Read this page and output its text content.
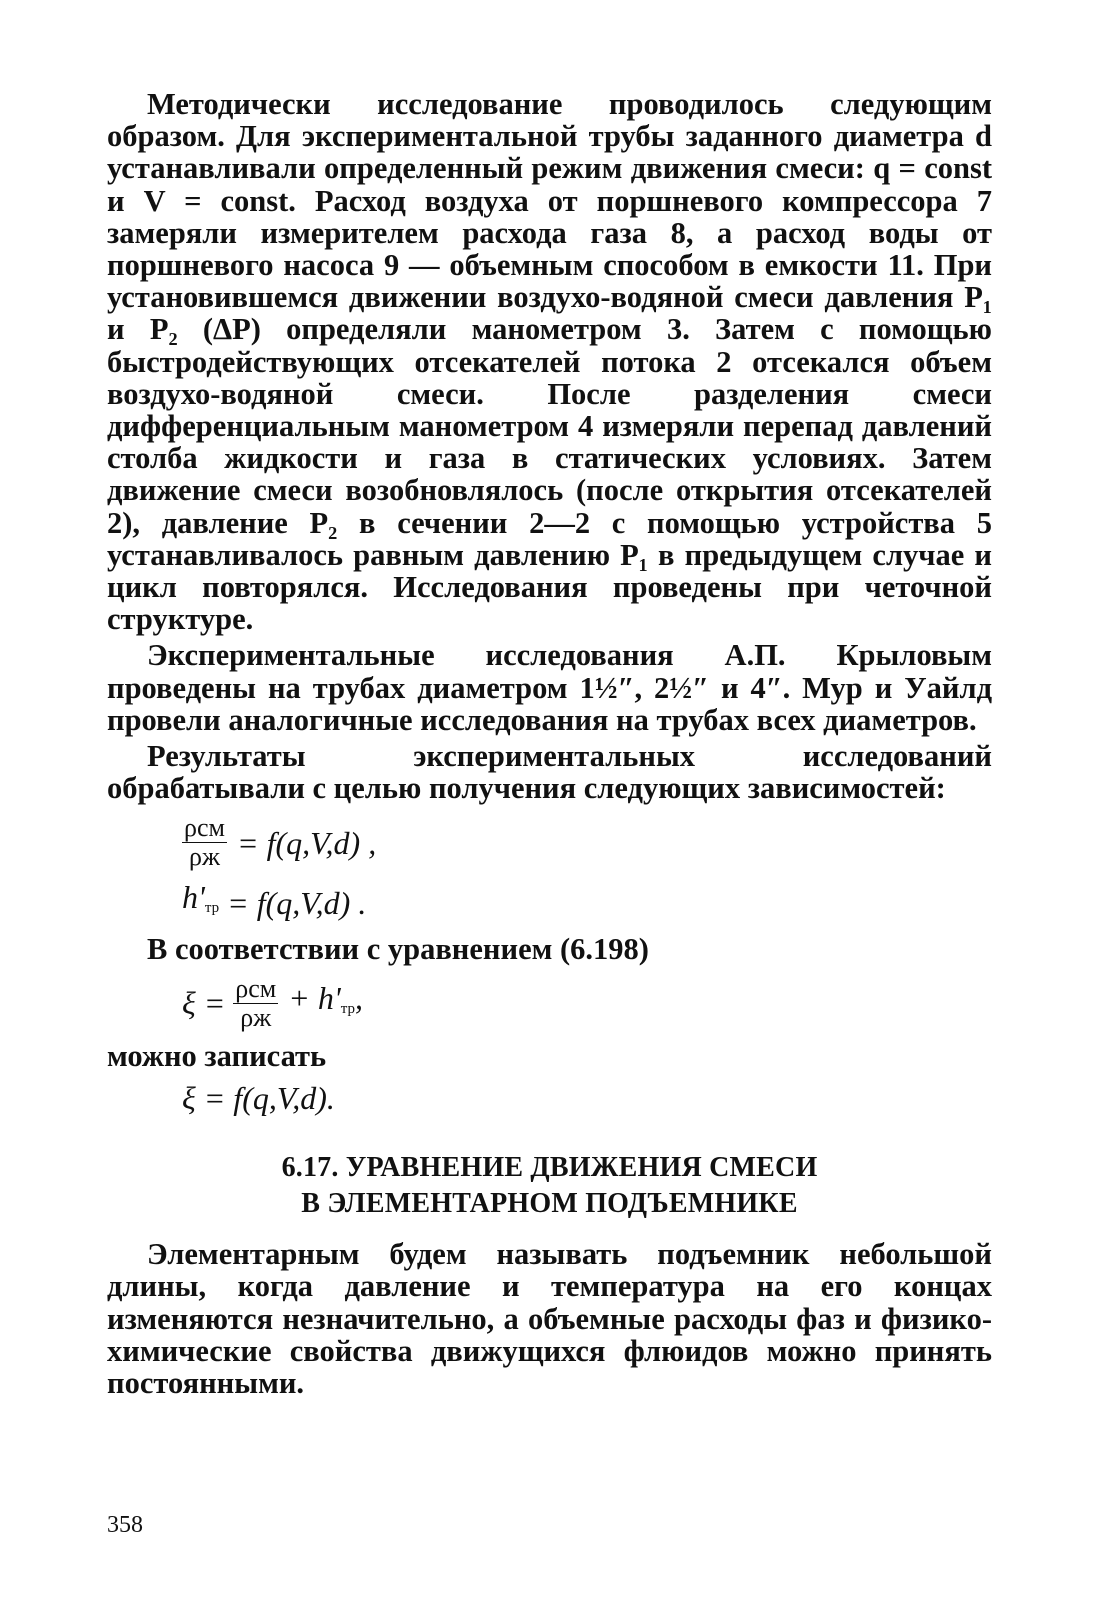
Методически исследование проводилось следующим образом. Для экспериментальной трубы заданного диаметра d устанавливали определенный режим движения смеси: q = const и V = const. Расход воздуха от поршневого компрессора 7 замеряли измерителем расхода газа 8, а расход воды от поршневого насоса 9 — объемным способом в емкости 11. При установившемся движении воздухо-водяной смеси давления P₁ и P₂ (ΔP) определяли манометром 3. Затем с помощью быстродействующих отсекателей потока 2 отсекался объем воздухо-водяной смеси. После разделения смеси дифференциальным манометром 4 измеряли перепад давлений столба жидкости и газа в статических условиях. Затем движение смеси возобновлялось (после открытия отсекателей 2), давление P₂ в сечении 2—2 с помощью устройства 5 устанавливалось равным давлению P₁ в предыдущем случае и цикл повторялся. Исследования проведены при четочной структуре.

Экспериментальные исследования А.П. Крыловым проведены на трубах диаметром 1½″, 2½″ и 4″. Мур и Уайлд провели аналогичные исследования на трубах всех диаметров.

Результаты экспериментальных исследований обрабатывали с целью получения следующих зависимостей:

$\frac{\text{ρсм}}{\rho ж} = f(q,V,d)$ ,
$h'_{тр} = f(q,V,d)$ .

В соответствии с уравнением (6.198)

$\xi = \frac{\text{ρсм}}{\rho ж} + h'_{тр}$,

можно записать

ξ = f(q,V,d).
6.17. УРАВНЕНИЕ ДВИЖЕНИЯ СМЕСИ
В ЭЛЕМЕНТАРНОМ ПОДЪЕМНИКЕ

Элементарным будем называть подъемник небольшой длины, когда давление и температура на его концах изменяются незначительно, а объемные расходы фаз и физико-химические свойства движущихся флюидов можно принять постоянными.

358
